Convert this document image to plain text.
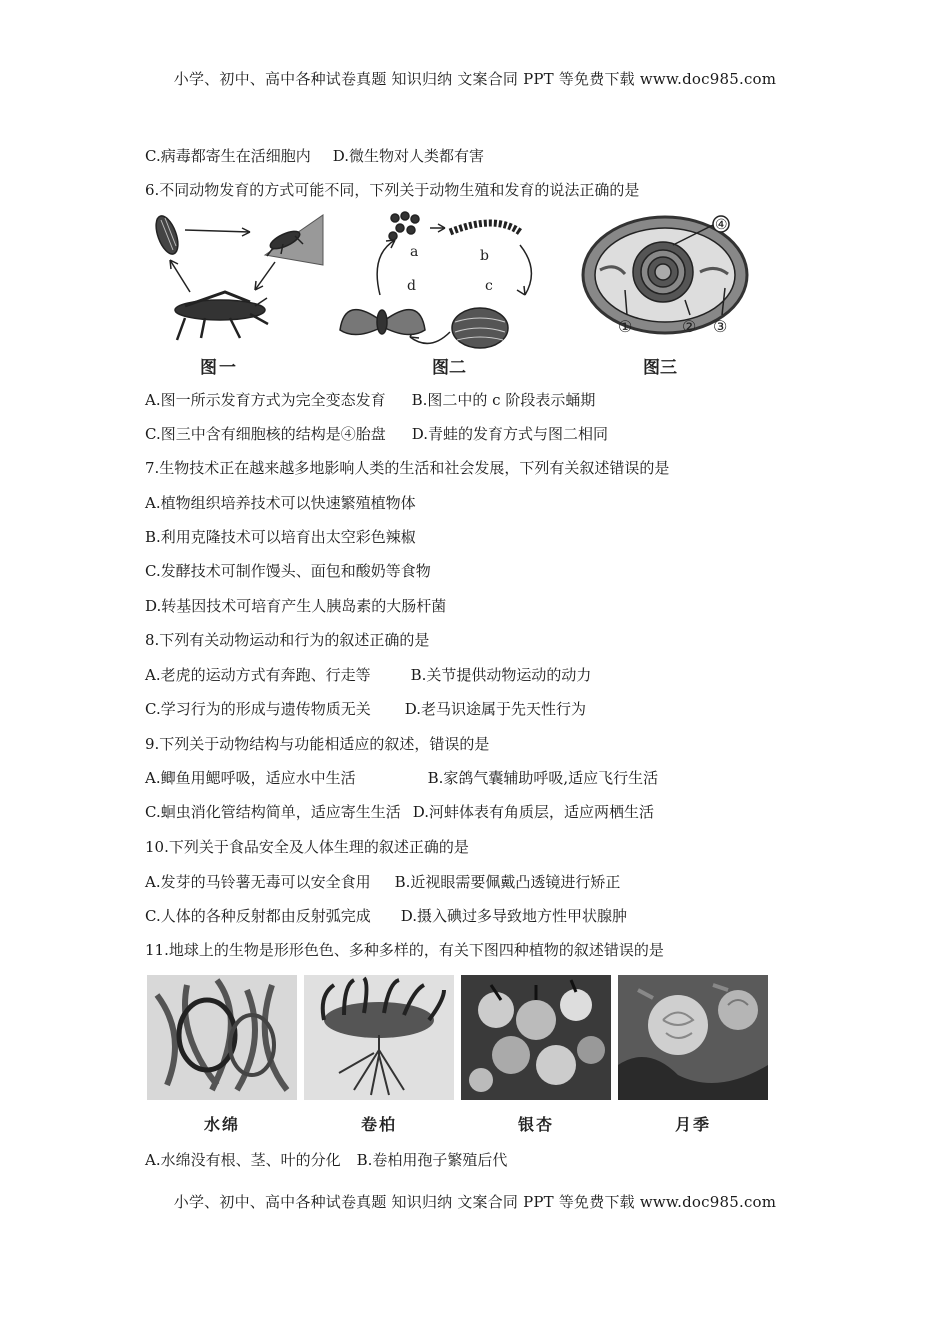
小学、初中、高中各种试卷真题 知识归纳 文案合同 PPT 等免费下载 www.doc985.com
C.病毒都寄生在活细胞内 D.微生物对人类都有害
6.不同动物发育的方式可能不同，下列关于动物生殖和发育的说法正确的是
图一
a	b
c
d
图二
④
①	② ③
图三
A.图一所示发育方式为完全变态发育 B.图二中的 c 阶段表示蛹期
C.图三中含有细胞核的结构是④胎盘 D.青蛙的发育方式与图二相同
7.生物技术正在越来越多地影响人类的生活和社会发展，下列有关叙述错误的是
A.植物组织培养技术可以快速繁殖植物体
B.利用克隆技术可以培育出太空彩色辣椒
C.发酵技术可制作馒头、面包和酸奶等食物
D.转基因技术可培育产生人胰岛素的大肠杆菌
8.下列有关动物运动和行为的叙述正确的是
A.老虎的运动方式有奔跑、行走等	B.关节提供动物运动的动力
C.学习行为的形成与遗传物质无关 D.老马识途属于先天性行为
9.下列关于动物结构与功能相适应的叙述，错误的是
A.鲫鱼用鳃呼吸，适应水中生活	B.家鸽气囊辅助呼吸,适应飞行生活
C.蛔虫消化管结构简单，适应寄生生活 D.河蚌体表有角质层，适应两栖生活
10.下列关于食品安全及人体生理的叙述正确的是
A.发芽的马铃薯无毒可以安全食用 B.近视眼需要佩戴凸透镜进行矫正
C.人体的各种反射都由反射弧完成 D.摄入碘过多导致地方性甲状腺肿
11.地球上的生物是形形色色、多种多样的，有关下图四种植物的叙述错误的是
水绵	卷柏	银杏	月季
A.水绵没有根、茎、叶的分化 B.卷柏用孢子繁殖后代
小学、初中、高中各种试卷真题 知识归纳 文案合同 PPT 等免费下载 www.doc985.com
